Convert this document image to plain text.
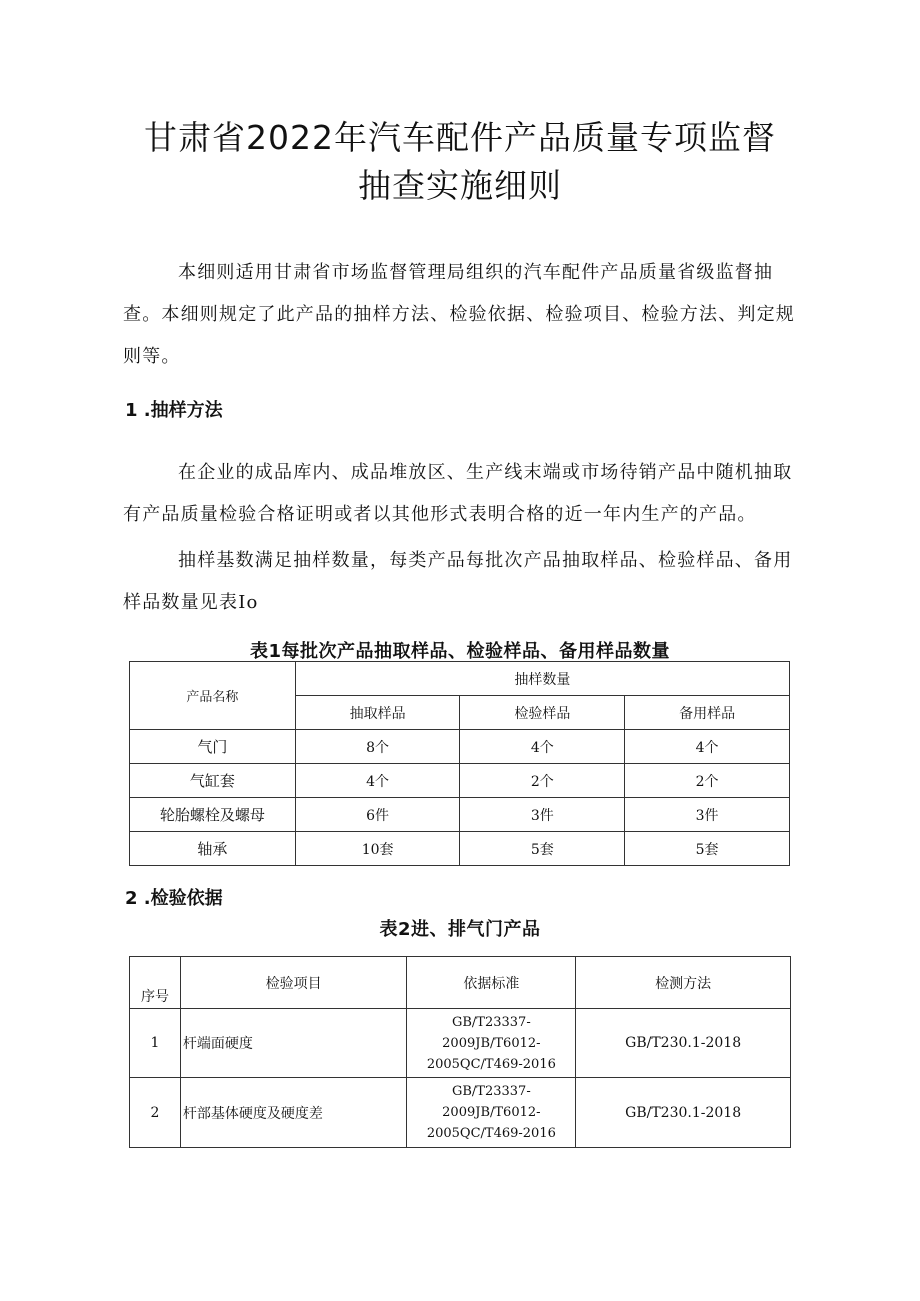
甘肃省2022年汽车配件产品质量专项监督
抽查实施细则
本细则适用甘肃省市场监督管理局组织的汽车配件产品质量省级监督抽查。本细则规定了此产品的抽样方法、检验依据、检验项目、检验方法、判定规则等。
1 .抽样方法
在企业的成品库内、成品堆放区、生产线末端或市场待销产品中随机抽取有产品质量检验合格证明或者以其他形式表明合格的近一年内生产的产品。
抽样基数满足抽样数量，每类产品每批次产品抽取样品、检验样品、备用样品数量见表Io
表1每批次产品抽取样品、检验样品、备用样品数量
产品名称	抽样数量		
	抽取样品	检验样品	备用样品
气门	8个	4个	4个
气缸套	4个	2个	2个
轮胎螺栓及螺母	6件	3件	3件
轴承	10套	5套	5套
2 .检验依据
表2进、排气门产品
序号	检验项目	依据标准	检测方法
1	杆端面硬度	GB/T23337-
2009JB/T6012-
2005QC/T469-2016	GB/T230.1-2018
2	杆部基体硬度及硬度差	GB/T23337-
2009JB/T6012-
2005QC/T469-2016	GB/T230.1-2018
